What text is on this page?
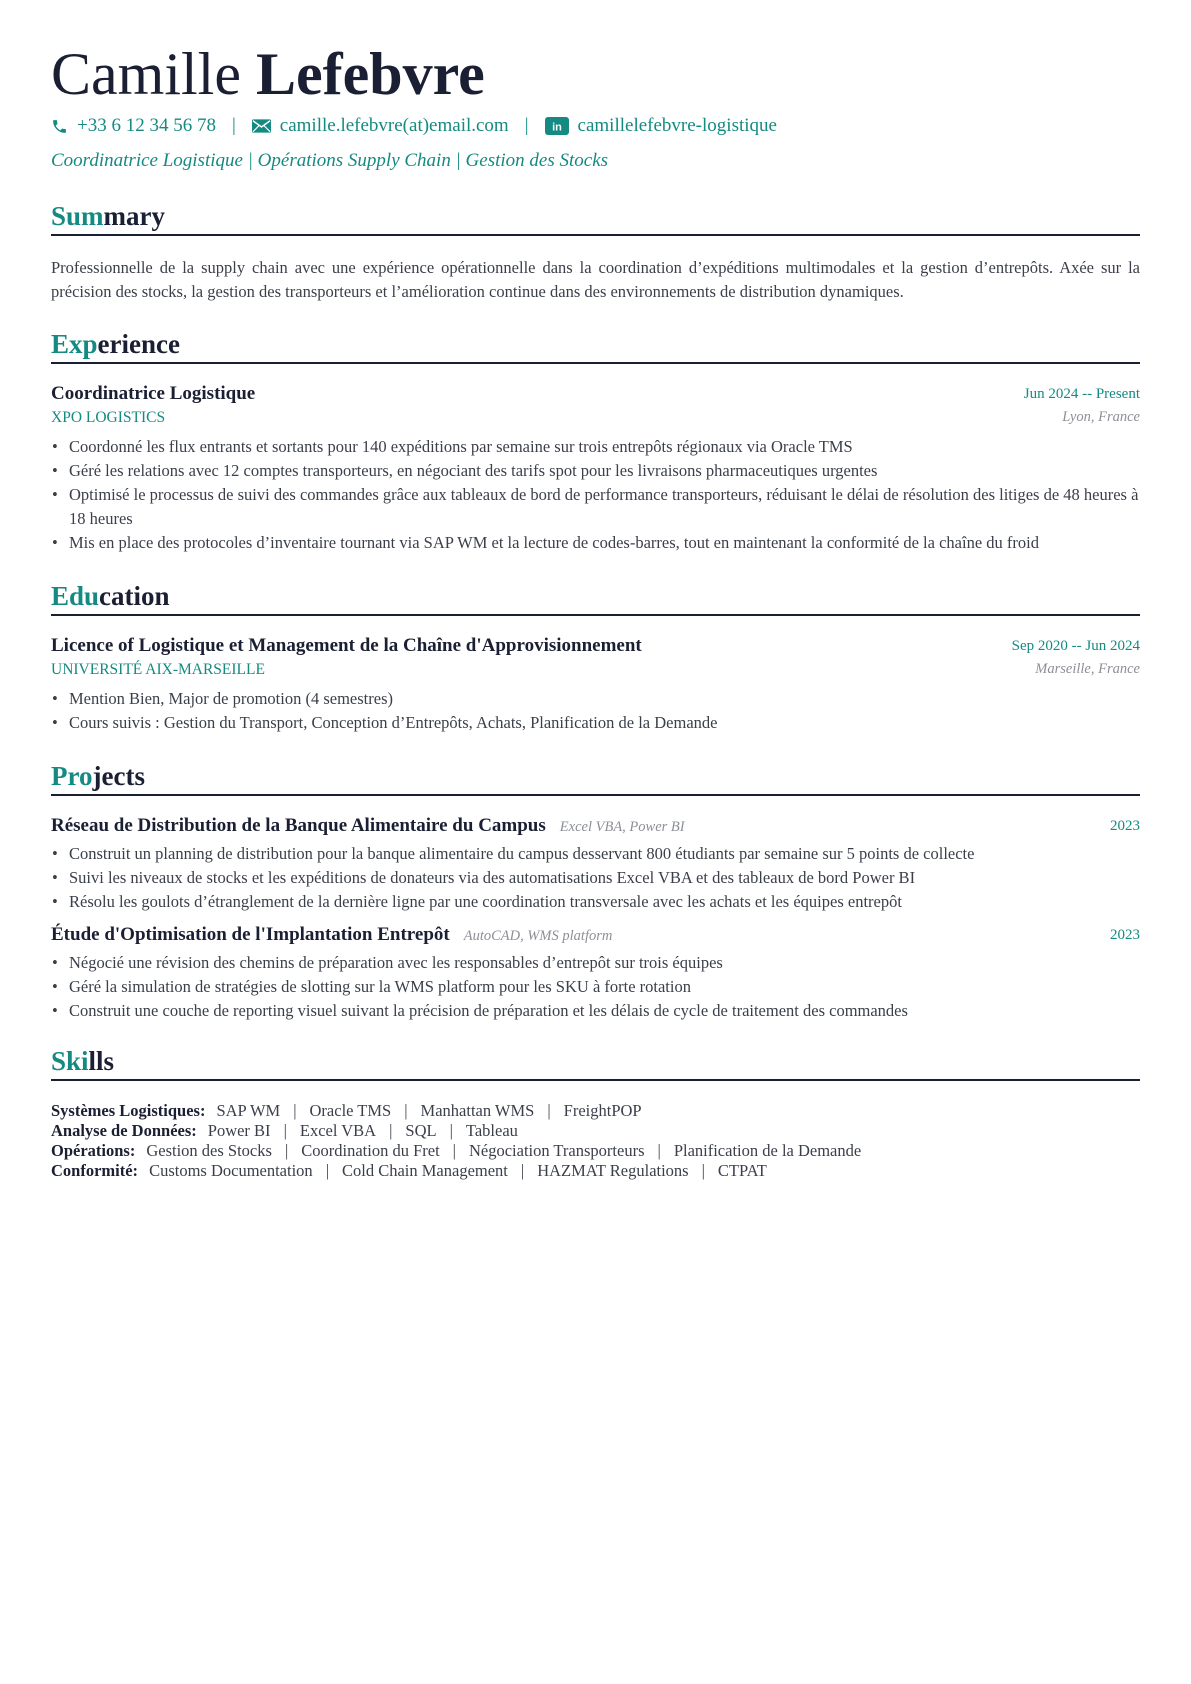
Camille Lefebvre
+33 6 12 34 56 78 | camille.lefebvre(at)email.com | in camillelefebvre-logistique
Coordinatrice Logistique | Opérations Supply Chain | Gestion des Stocks
Summary
Professionnelle de la supply chain avec une expérience opérationnelle dans la coordination d’expéditions multimodales et la gestion d’entrepôts. Axée sur la précision des stocks, la gestion des transporteurs et l’amélioration continue dans des environnements de distribution dynamiques.
Experience
Coordinatrice Logistique	Jun 2024 -- Present
XPO LOGISTICS	Lyon, France
• Coordonné les flux entrants et sortants pour 140 expéditions par semaine sur trois entrepôts régionaux via Oracle TMS
• Géré les relations avec 12 comptes transporteurs, en négociant des tarifs spot pour les livraisons pharmaceutiques urgentes
• Optimisé le processus de suivi des commandes grâce aux tableaux de bord de performance transporteurs, réduisant le délai de résolution des litiges de 48 heures à 18 heures
• Mis en place des protocoles d’inventaire tournant via SAP WM et la lecture de codes-barres, tout en maintenant la conformité de la chaîne du froid
Education
Licence of Logistique et Management de la Chaîne d'Approvisionnement	Sep 2020 -- Jun 2024
UNIVERSITÉ AIX-MARSEILLE	Marseille, France
• Mention Bien, Major de promotion (4 semestres)
• Cours suivis : Gestion du Transport, Conception d’Entrepôts, Achats, Planification de la Demande
Projects
Réseau de Distribution de la Banque Alimentaire du Campus Excel VBA, Power BI	2023
• Construit un planning de distribution pour la banque alimentaire du campus desservant 800 étudiants par semaine sur 5 points de collecte
• Suivi les niveaux de stocks et les expéditions de donateurs via des automatisations Excel VBA et des tableaux de bord Power BI
• Résolu les goulots d’étranglement de la dernière ligne par une coordination transversale avec les achats et les équipes entrepôt
Étude d'Optimisation de l'Implantation Entrepôt AutoCAD, WMS platform	2023
• Négocié une révision des chemins de préparation avec les responsables d’entrepôt sur trois équipes
• Géré la simulation de stratégies de slotting sur la WMS platform pour les SKU à forte rotation
• Construit une couche de reporting visuel suivant la précision de préparation et les délais de cycle de traitement des commandes
Skills
Systèmes Logistiques: SAP WM | Oracle TMS | Manhattan WMS | FreightPOP
Analyse de Données: Power BI | Excel VBA | SQL | Tableau
Opérations: Gestion des Stocks | Coordination du Fret | Négociation Transporteurs | Planification de la Demande
Conformité: Customs Documentation | Cold Chain Management | HAZMAT Regulations | CTPAT
